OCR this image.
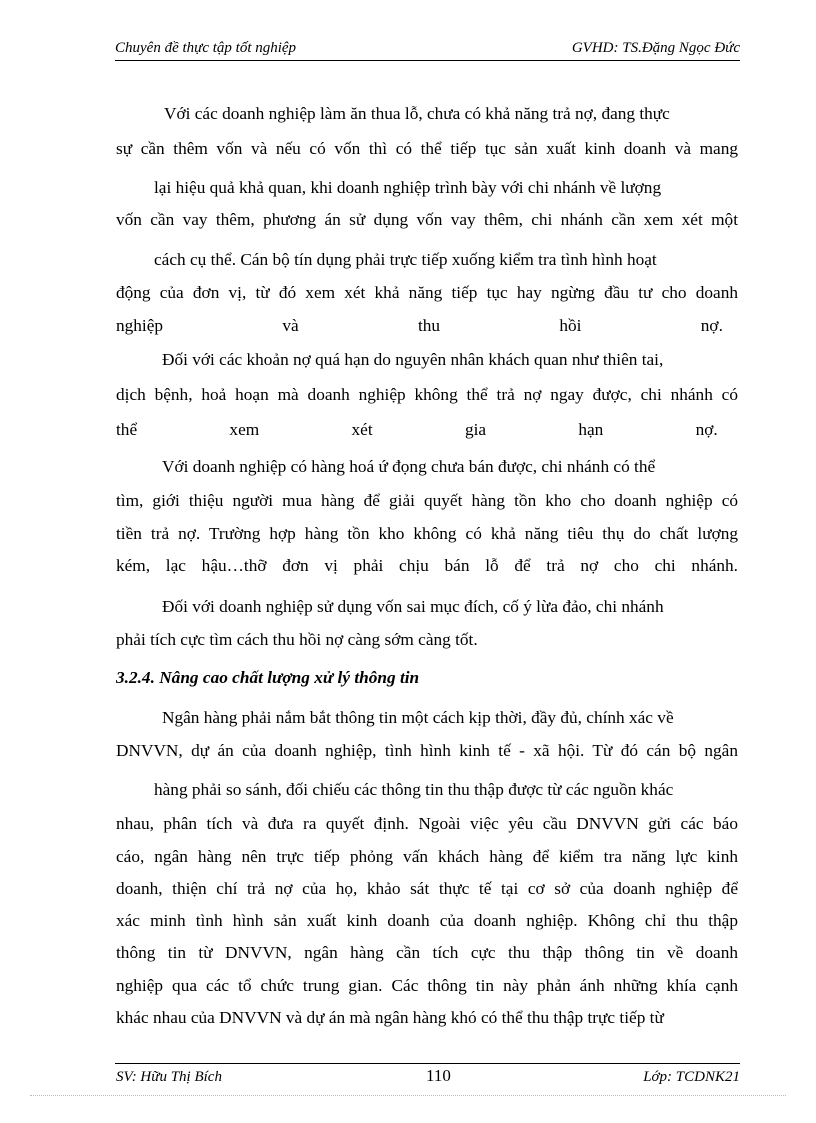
Chuyên đề thực tập tốt nghiệp	GVHD: TS.Đặng Ngọc Đức
Với các doanh nghiệp làm ăn thua lỗ, chưa có khả năng trả nợ, đang thực
sự cần thêm vốn và nếu có vốn thì có thể tiếp tục sản xuất kinh doanh và mang
lại hiệu quả khả quan, khi doanh nghiệp trình bày với chi nhánh về lượng
vốn cần vay thêm, phương án sử dụng vốn vay thêm, chi nhánh cần xem xét một
cách cụ thể. Cán bộ tín dụng phải trực tiếp xuống kiểm tra tình hình hoạt
động của đơn vị, từ đó xem xét khả năng tiếp tục hay ngừng đầu tư cho doanh
nghiệp và thu hồi nợ.
Đối với các khoản nợ quá hạn do nguyên nhân khách quan như thiên tai,
dịch bệnh, hoả hoạn mà doanh nghiệp không thể trả nợ ngay được, chi nhánh có
thể xem xét gia hạn nợ.
Với doanh nghiệp có hàng hoá ứ đọng chưa bán được, chi nhánh có thể
tìm, giới thiệu người mua hàng để giải quyết hàng tồn kho cho doanh nghiệp có
tiền trả nợ. Trường hợp hàng tồn kho không có khả năng tiêu thụ do chất lượng
kém, lạc hậu…thỡ đơn vị phải chịu bán lỗ để trả nợ cho chi nhánh.
Đối với doanh nghiệp sử dụng vốn sai mục đích, cố ý lừa đảo, chi nhánh
phải tích cực tìm cách thu hồi nợ càng sớm càng tốt.
3.2.4. Nâng cao chất lượng xử lý thông tin
Ngân hàng phải nắm bắt thông tin một cách kịp thời, đầy đủ, chính xác về
DNVVN, dự án của doanh nghiệp, tình hình kinh tế - xã hội. Từ đó cán bộ ngân
hàng phải so sánh, đối chiếu các thông tin thu thập được từ các nguồn khác
nhau, phân tích và đưa ra quyết định. Ngoài việc yêu cầu DNVVN gửi các báo
cáo, ngân hàng nên trực tiếp phỏng vấn khách hàng để kiểm tra năng lực kinh
doanh, thiện chí trả nợ của họ, khảo sát thực tế tại cơ sở của doanh nghiệp để
xác minh tình hình sản xuất kinh doanh của doanh nghiệp. Không chỉ thu thập
thông tin từ DNVVN, ngân hàng cần tích cực thu thập thông tin về doanh
nghiệp qua các tổ chức trung gian. Các thông tin này phản ánh những khía cạnh
khác nhau của DNVVN và dự án mà ngân hàng khó có thể thu thập trực tiếp từ
SV: Hữu Thị Bích	110	Lớp: TCDNK21
